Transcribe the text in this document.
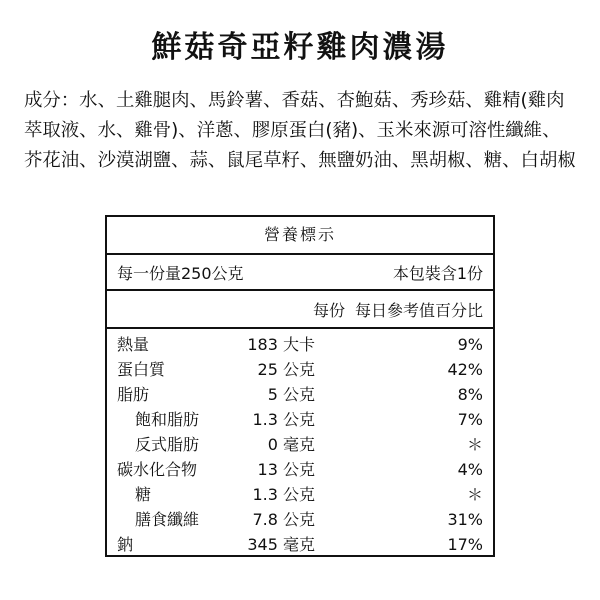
鮮菇奇亞籽雞肉濃湯
成分：水、土雞腿肉、馬鈴薯、香菇、杏鮑菇、秀珍菇、雞精(雞肉萃取液、水、雞骨)、洋蔥、膠原蛋白(豬)、玉米來源可溶性纖維、芥花油、沙漠湖鹽、蒜、鼠尾草籽、無鹽奶油、黑胡椒、糖、白胡椒
營養標示
每一份量250公克	本包裝含1份
每份 每日參考值百分比
熱量	183 大卡	9%
蛋白質	25 公克	42%
脂肪	5 公克	8%
飽和脂肪	1.3 公克	7%
反式脂肪	0 毫克	＊
碳水化合物	13 公克	4%
糖	1.3 公克	＊
膳食纖維	7.8 公克	31%
鈉	345 毫克	17%
